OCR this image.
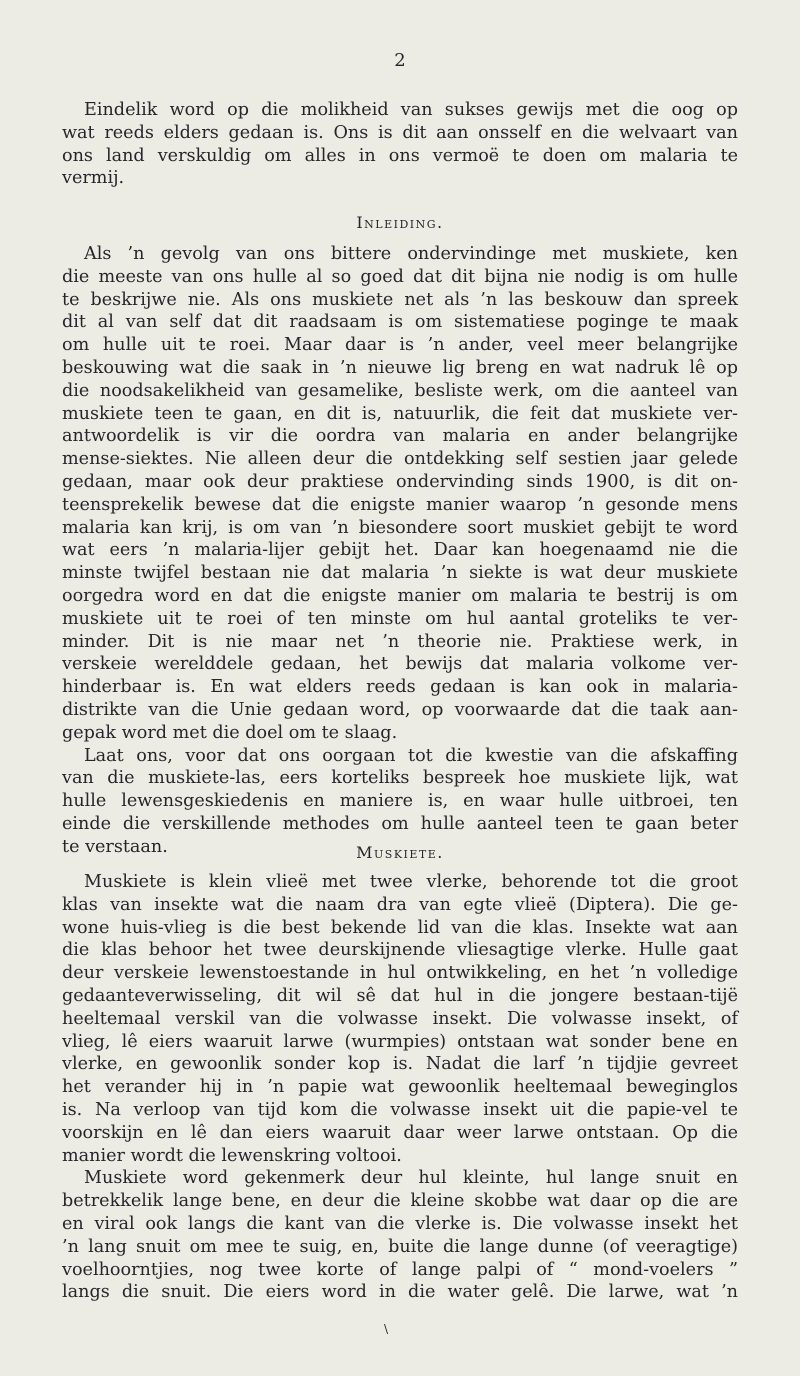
2
Eindelik word op die molikheid van sukses gewijs met die oog op
wat reeds elders gedaan is. Ons is dit aan onsself en die welvaart van
ons land verskuldig om alles in ons vermoë te doen om malaria te
vermij.
Inleiding.
Als ’n gevolg van ons bittere ondervindinge met muskiete, ken
die meeste van ons hulle al so goed dat dit bijna nie nodig is om hulle
te beskrijwe nie. Als ons muskiete net als ’n las beskouw dan spreek
dit al van self dat dit raadsaam is om sistematiese poginge te maak
om hulle uit te roei. Maar daar is ’n ander, veel meer belangrijke
beskouwing wat die saak in ’n nieuwe lig breng en wat nadruk lê op
die noodsakelikheid van gesamelike, besliste werk, om die aanteel van
muskiete teen te gaan, en dit is, natuurlik, die feit dat muskiete ver-
antwoordelik is vir die oordra van malaria en ander belangrijke
mense-siektes. Nie alleen deur die ontdekking self sestien jaar gelede
gedaan, maar ook deur praktiese ondervinding sinds 1900, is dit on-
teensprekelik bewese dat die enigste manier waarop ’n gesonde mens
malaria kan krij, is om van ’n biesondere soort muskiet gebijt te word
wat eers ’n malaria-lijer gebijt het. Daar kan hoegenaamd nie die
minste twijfel bestaan nie dat malaria ’n siekte is wat deur muskiete
oorgedra word en dat die enigste manier om malaria te bestrij is om
muskiete uit te roei of ten minste om hul aantal groteliks te ver-
minder. Dit is nie maar net ’n theorie nie. Praktiese werk, in
verskeie werelddele gedaan, het bewijs dat malaria volkome ver-
hinderbaar is. En wat elders reeds gedaan is kan ook in malaria-
distrikte van die Unie gedaan word, op voorwaarde dat die taak aan-
gepak word met die doel om te slaag.
Laat ons, voor dat ons oorgaan tot die kwestie van die afskaffing
van die muskiete-las, eers korteliks bespreek hoe muskiete lijk, wat
hulle lewensgeskiedenis en maniere is, en waar hulle uitbroei, ten
einde die verskillende methodes om hulle aanteel teen te gaan beter
te verstaan.	Muskiete.
Muskiete is klein vlieë met twee vlerke, behorende tot die groot
klas van insekte wat die naam dra van egte vlieë (Diptera). Die ge-
wone huis-vlieg is die best bekende lid van die klas. Insekte wat aan
die klas behoor het twee deurskijnende vliesagtige vlerke. Hulle gaat
deur verskeie lewenstoestande in hul ontwikkeling, en het ’n volledige
gedaanteverwisseling, dit wil sê dat hul in die jongere bestaan-tijë
heeltemaal verskil van die volwasse insekt. Die volwasse insekt, of
vlieg, lê eiers waaruit larwe (wurmpies) ontstaan wat sonder bene en
vlerke, en gewoonlik sonder kop is. Nadat die larf ’n tijdjie gevreet
het verander hij in ’n papie wat gewoonlik heeltemaal beweginglos
is. Na verloop van tijd kom die volwasse insekt uit die papie-vel te
voorskijn en lê dan eiers waaruit daar weer larwe ontstaan. Op die
manier wordt die lewenskring voltooi.
Muskiete word gekenmerk deur hul kleinte, hul lange snuit en
betrekkelik lange bene, en deur die kleine skobbe wat daar op die are
en viral ook langs die kant van die vlerke is. Die volwasse insekt het
’n lang snuit om mee te suig, en, buite die lange dunne (of veeragtige)
voelhoorntjies, nog twee korte of lange palpi of “ mond-voelers ”
langs die snuit. Die eiers word in die water gelê. Die larwe, wat ’n
\
